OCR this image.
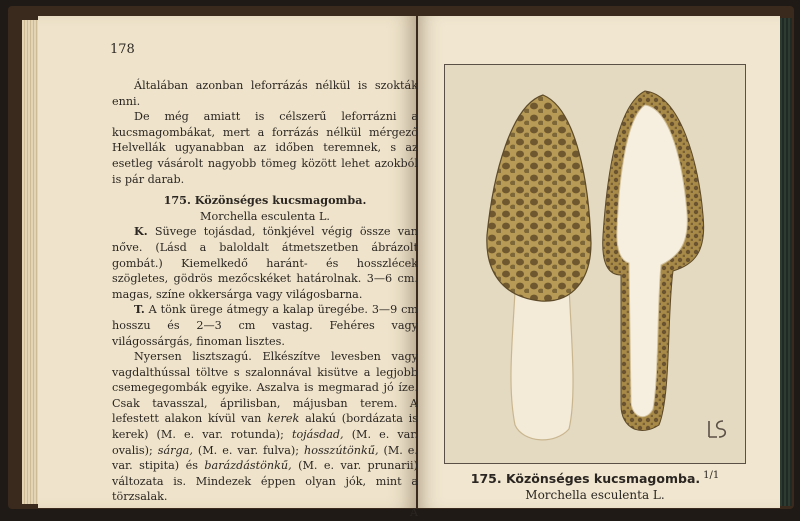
178

Általában azonban leforrázás nélkül is szokták enni.

De még amiatt is célszerű leforrázni a kucsmagombákat, mert a forrázás nélkül mérgező Helvellák ugyanabban az időben teremnek, s az esetleg vásárolt nagyobb tömeg között lehet azokból is pár darab.

175. Közönséges kucsmagomba.

Morchella esculenta L.

K. Süvege tojásdad, tönkjével végig össze van nőve. (Lásd a baloldalt átmetszetben ábrázolt gombát.) Kiemelkedő haránt- és hosszlécek szögletes, gödrös mezőcskéket határolnak. 3—6 cm. magas, színe okkersárga vagy világosbarna.

T. A tönk ürege átmegy a kalap üregébe. 3—9 cm hosszu és 2—3 cm vastag. Fehéres vagy világossárgás, finoman lisztes.

Nyersen lisztszagú. Elkészítve levesben vagy vagdalthússal töltve s szalonnával kisütve a legjobb csemegegombák egyike. Aszalva is megmarad jó íze. Csak tavasszal, áprilisban, májusban terem. A lefestett alakon kívül van kerek alakú (bordázata is kerek) (M. e. var. rotunda); tojásdad, (M. e. var. ovalis); sárga, (M. e. var. fulva); hosszútönkű, (M. e. var. stipita) és barázdástönkű, (M. e. var. prunarii) változata is. Mindezek éppen olyan jók, mint a törzsalak.

A

175. Közönséges kucsmagomba. $^{1/1}$
Morchella esculenta L.
